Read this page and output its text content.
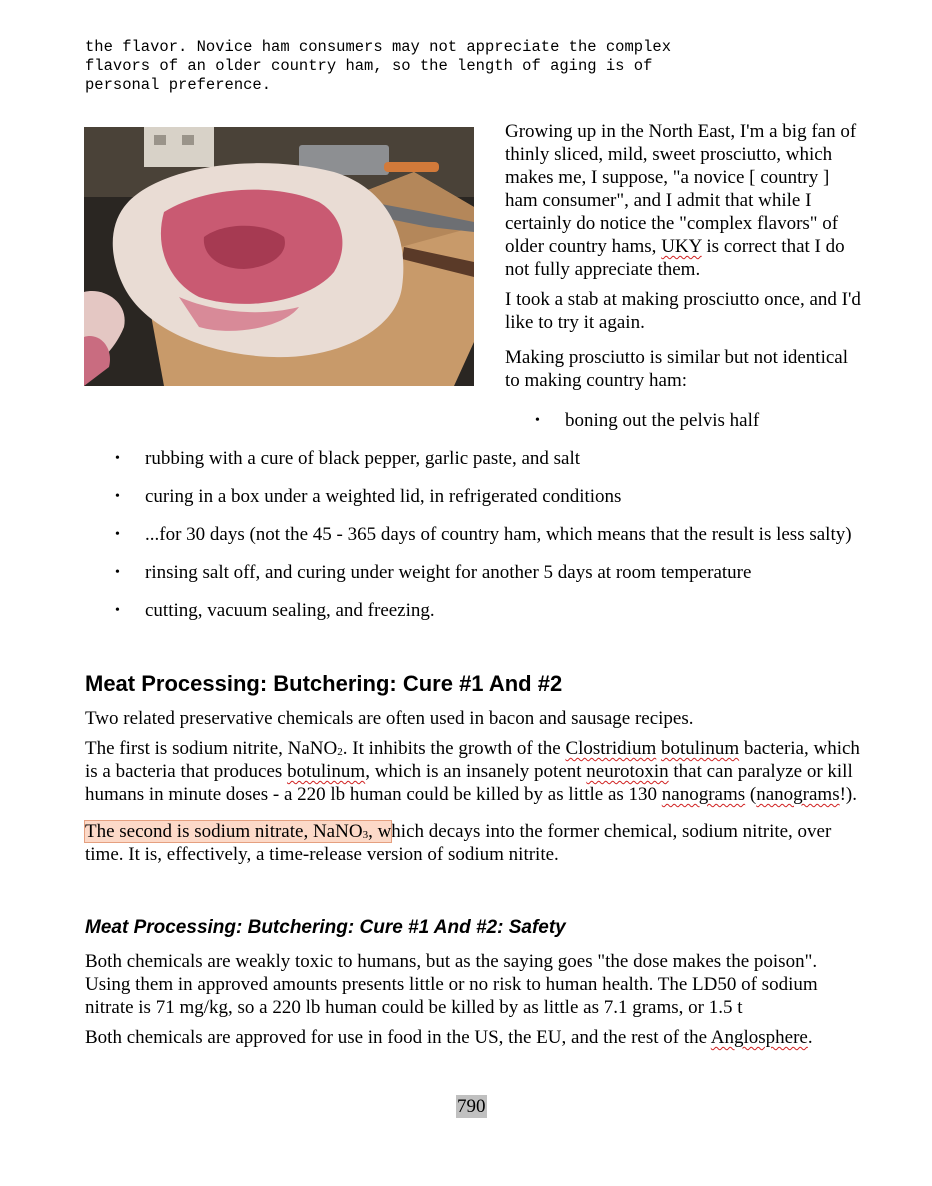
the flavor. Novice ham consumers may not appreciate the complex
flavors of an older country ham, so the length of aging is of
personal preference.

Growing up in the North East, I'm a big fan of thinly sliced, mild, sweet prosciutto, which makes me, I suppose, "a novice [ country ] ham consumer", and I admit that while I certainly do notice the "complex flavors" of older country hams, UKY is correct that I do not fully appreciate them.

I took a stab at making prosciutto once, and I'd like to try it again.

Making prosciutto is similar but not identical to making country ham:

• boning out the pelvis half
• rubbing with a cure of black pepper, garlic paste, and salt
• curing in a box under a weighted lid, in refrigerated conditions
• ...for 30 days (not the 45 - 365 days of country ham, which means that the result is less salty)
• rinsing salt off, and curing under weight for another 5 days at room temperature
• cutting, vacuum sealing, and freezing.
Meat Processing: Butchering: Cure #1 And #2

Two related preservative chemicals are often used in bacon and sausage recipes.

The first is sodium nitrite, NaNO$_2$. It inhibits the growth of the Clostridium botulinum bacteria, which is a bacteria that produces botulinum, which is an insanely potent neurotoxin that can paralyze or kill humans in minute doses - a 220 lb human could be killed by as little as 130 nanograms (nanograms!).

The second is sodium nitrate, NaNO$_3$, which decays into the former chemical, sodium nitrite, over time. It is, effectively, a time-release version of sodium nitrite.

Meat Processing: Butchering: Cure #1 And #2: Safety

Both chemicals are weakly toxic to humans, but as the saying goes "the dose makes the poison". Using them in approved amounts presents little or no risk to human health. The LD50 of sodium nitrate is 71 mg/kg, so a 220 lb human could be killed by as little as 7.1 grams, or 1.5 t

Both chemicals are approved for use in food in the US, the EU, and the rest of the Anglosphere.

790
